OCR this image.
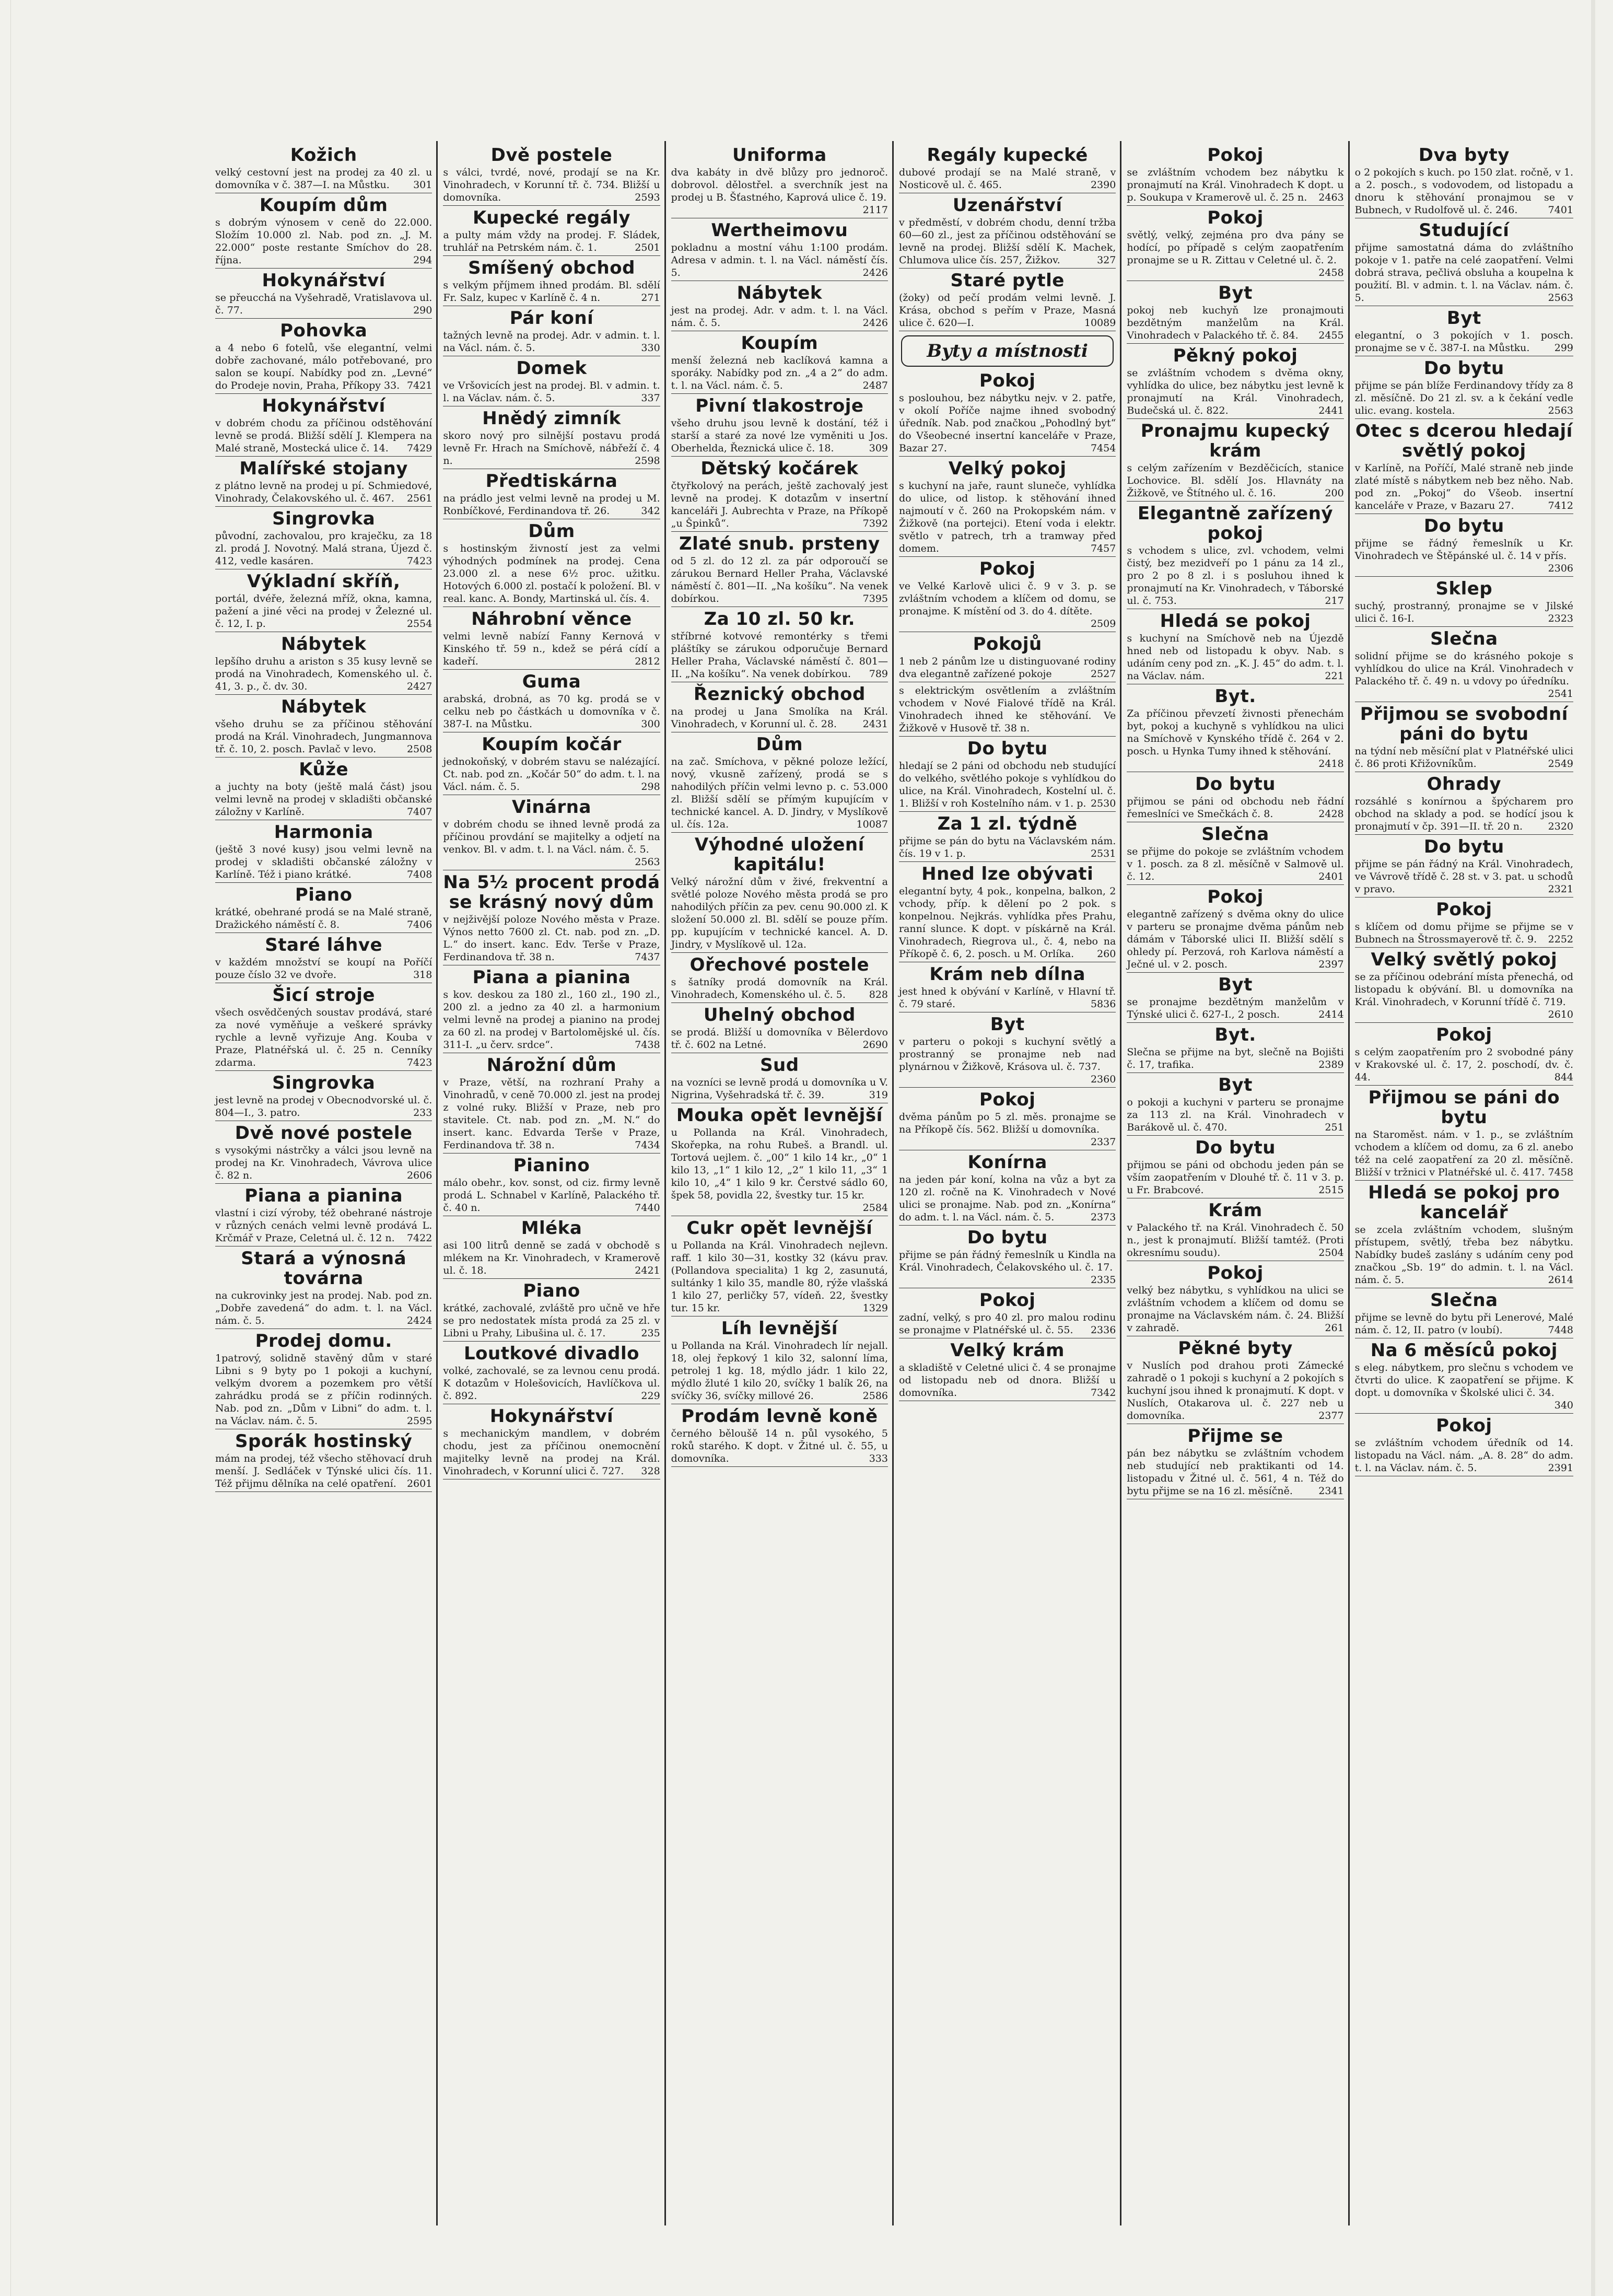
Kožich
velký cestovní jest na prodej za 40 zl. u domovníka v č. 387—I. na Můstku.	301
Koupím dům
s dobrým výnosem v ceně do 22.000. Složím 10.000 zl. Nab. pod zn. „J. M. 22.000“ poste restante Smíchov do 28. října.	294
Hokynářství
se přeucchá na Vyšehradě, Vratislavova ul. č. 77.	290
Pohovka
a 4 nebo 6 fotelů, vše elegantní, velmi dobře zachované, málo potřebované, pro salon se koupí. Nabídky pod zn. „Levné“ do Prodeje novin, Praha, Příkopy 33. 7421
Hokynářství
v dobrém chodu za příčinou odstěhování levně se prodá. Bližší sdělí J. Klempera na Malé straně, Mostecká ulice č. 14.	7429
Malířské stojany
z plátno levně na prodej u pí. Schmiedové, Vinohrady, Čelakovského ul. č. 467.	2561
Singrovka
původní, zachovalou, pro kraječku, za 18 zl. prodá J. Novotný. Malá strana, Újezd č. 412, vedle kasáren.	7423
Výkladní skříň,
portál, dvéře, železná mříž, okna, kamna, pažení a jiné věci na prodej v Železné ul. č. 12, I. p.	2554
Nábytek
lepšího druhu a ariston s 35 kusy levně se prodá na Vinohradech, Komenského ul. č. 41, 3. p., č. dv. 30.	2427
Nábytek
všeho druhu se za příčinou stěhování prodá na Král. Vinohradech, Jungmannova tř. č. 10, 2. posch. Pavlač v levo.	2508
Kůže
a juchty na boty (ještě malá část) jsou velmi levně na prodej v skladišti občanské záložny v Karlíně.	7407
Harmonia
(ještě 3 nové kusy) jsou velmi levně na prodej v skladišti občanské záložny v Karlíně. Též i piano krátké.	7408
Piano
krátké, obehrané prodá se na Malé straně, Dražického náměstí č. 8.	7406
Staré láhve
v každém množství se koupí na Poříčí pouze číslo 32 ve dvoře.	318
Šicí stroje
všech osvědčených soustav prodává, staré za nové vyměňuje a veškeré správky rychle a levně vyřizuje Ang. Kouba v Praze, Platnéřská ul. č. 25 n. Cenníky zdarma.	7423
Singrovka
jest levně na prodej v Obecnodvorské ul. č. 804—I., 3. patro.	233
Dvě nové postele
s vysokými nástrčky a válci jsou levně na prodej na Kr. Vinohradech, Vávrova ulice č. 82 n.	2606
Piana a pianina
vlastní i cizí výroby, též obehrané nástroje v různých cenách velmi levně prodává L. Krčmář v Praze, Celetná ul. č. 12 n.	7422
Stará a výnosná továrna
na cukrovinky jest na prodej. Nab. pod zn. „Dobře zavedená“ do adm. t. l. na Václ. nám. č. 5.	2424
Prodej domu.
1patrový, solidně stavěný dům v staré Libni s 9 byty po 1 pokoji a kuchyní, velkým dvorem a pozemkem pro větší zahrádku prodá se z příčin rodinných. Nab. pod zn. „Dům v Libni“ do adm. t. l. na Václav. nám. č. 5.	2595
Sporák hostinský
mám na prodej, též všecho stěhovací druh menší. J. Sedláček v Týnské ulici čís. 11. Též přijmu dělníka na celé opatření.	2601
Dvě postele
s válci, tvrdé, nové, prodají se na Kr. Vinohradech, v Korunní tř. č. 734. Bližší u domovníka.	2593
Kupecké regály
a pulty mám vždy na prodej. F. Sládek, truhlář na Petrském nám. č. 1.	2501
Smíšený obchod
s velkým příjmem ihned prodám. Bl. sdělí Fr. Salz, kupec v Karlíně č. 4 n.	271
Pár koní
tažných levně na prodej. Adr. v admin. t. l. na Václ. nám. č. 5.	330
Domek
ve Vršovicích jest na prodej. Bl. v admin. t. l. na Václav. nám. č. 5.	337
Hnědý zimník
skoro nový pro silnější postavu prodá levně Fr. Hrach na Smíchově, nábřeží č. 4 n.	2598
Předtiskárna
na prádlo jest velmi levně na prodej u M. Ronbíčkové, Ferdinandova tř. 26.	342
Dům
s hostinským živností jest za velmi výhodných podmínek na prodej. Cena 23.000 zl. a nese 6½ proc. užitku. Hotových 6.000 zl. postačí k položení. Bl. v real. kanc. A. Bondy, Martinská ul. čís. 4.
Náhrobní věnce
velmi levně nabízí Fanny Kernová v Kinského tř. 59 n., kdež se pérá cídí a kadeří.	2812
Guma
arabská, drobná, as 70 kg. prodá se v celku neb po částkách u domovníka v č. 387-I. na Můstku.	300
Koupím kočár
jednokoňský, v dobrém stavu se nalézající. Ct. nab. pod zn. „Kočár 50“ do adm. t. l. na Václ. nám. č. 5.	298
Vinárna
v dobrém chodu se ihned levně prodá za příčinou provdání se majitelky a odjetí na venkov. Bl. v adm. t. l. na Václ. nám. č. 5.
2563
Na 5½ procent prodá se krásný nový dům
v nejživější poloze Nového města v Praze. Výnos netto 7600 zl. Ct. nab. pod zn. „D. L.“ do insert. kanc. Edv. Terše v Praze, Ferdinandova tř. 38 n.	7437
Piana a pianina
s kov. deskou za 180 zl., 160 zl., 190 zl., 200 zl. a jedno za 40 zl. a harmonium velmi levně na prodej a pianino na prodej za 60 zl. na prodej v Bartolomějské ul. čís. 311-I. „u červ. srdce“.	7438
Nárožní dům
v Praze, větší, na rozhraní Prahy a Vinohradů, v ceně 70.000 zl. jest na prodej z volné ruky. Bližší v Praze, neb pro stavitele. Ct. nab. pod zn. „M. N.“ do insert. kanc. Edvarda Terše v Praze, Ferdinandova tř. 38 n.	7434
Pianino
málo obehr., kov. sonst, od ciz. firmy levně prodá L. Schnabel v Karlíně, Palackého tř. č. 40 n.	7440
Mléka
asi 100 litrů denně se zadá v obchodě s mlékem na Kr. Vinohradech, v Kramerově ul. č. 18.	2421
Piano
krátké, zachovalé, zvláště pro učně ve hře se pro nedostatek místa prodá za 25 zl. v Libni u Prahy, Libušina ul. č. 17.	235
Loutkové divadlo
volké, zachovalé, se za levnou cenu prodá. K dotazům v Holešovicích, Havlíčkova ul. č. 892.	229
Hokynářství
s mechanickým mandlem, v dobrém chodu, jest za příčinou onemocnění majitelky levně na prodej na Král. Vinohradech, v Korunní ulici č. 727.	328
Uniforma
dva kabáty in dvě blůzy pro jednoroč. dobrovol. dělostřel. a sverchník jest na prodej u B. Šťastného, Kaprová ulice č. 19.
2117
Wertheimovu
pokladnu a mostní váhu 1:100 prodám. Adresa v admin. t. l. na Václ. náměstí čís. 5.	2426
Nábytek
jest na prodej. Adr. v adm. t. l. na Václ. nám. č. 5.	2426
Koupím
menší železná neb kaclíková kamna a sporáky. Nabídky pod zn. „4 a 2“ do adm. t. l. na Václ. nám. č. 5.	2487
Pivní tlakostroje
všeho druhu jsou levně k dostání, též i starší a staré za nové lze vyměniti u Jos. Oberhelda, Řeznická ulice č. 18.	309
Dětský kočárek
čtyřkolový na perách, ještě zachovalý jest levně na prodej. K dotazům v insertní kanceláři J. Aubrechta v Praze, na Příkopě „u Špinků“.	7392
Zlaté snub. prsteny
od 5 zl. do 12 zl. za pár odporoučí se zárukou Bernard Heller Praha, Václavské náměstí č. 801—II. „Na košíku“. Na venek dobírkou.	7395
Za 10 zl. 50 kr.
stříbrné kotvové remontérky s třemi pláštíky se zárukou odporučuje Bernard Heller Praha, Václavské náměstí č. 801—II. „Na košíku“. Na venek dobírkou.	789
Řeznický obchod
na prodej u Jana Smolíka na Král. Vinohradech, v Korunní ul. č. 28.	2431
Dům
na zač. Smíchova, v pěkné poloze ležící, nový, vkusně zařízený, prodá se s nahodilých příčin velmi levno p. c. 53.000 zl. Bližší sdělí se přímým kupujícím v technické kancel. A. D. Jindry, v Myslíkově ul. čís. 12a.	10087
Výhodné uložení kapitálu!
Velký nárožní dům v živé, frekventní a světlé poloze Nového města prodá se pro nahodilých příčin za pev. cenu 90.000 zl. K složení 50.000 zl. Bl. sdělí se pouze přím. pp. kupujícím v technické kancel. A. D. Jindry, v Myslíkově ul. 12a.
Ořechové postele
s šatníky prodá domovník na Král. Vinohradech, Komenského ul. č. 5.	828
Uhelný obchod
se prodá. Bližší u domovníka v Bělerdovo tř. č. 602 na Letné.	2690
Sud
na vozníci se levně prodá u domovníka u V. Nigrina, Vyšehradská tř. č. 39.	319
Mouka opět levnější
u Pollanda na Král. Vinohradech, Skořepka, na rohu Rubeš. a Brandl. ul. Tortová uejlem. č. „00“ 1 kilo 14 kr., „0“ 1 kilo 13, „1“ 1 kilo 12, „2“ 1 kilo 11, „3“ 1 kilo 10, „4“ 1 kilo 9 kr. Čerstvé sádlo 60, špek 58, povidla 22, švestky tur. 15 kr.
2584
Cukr opět levnější
u Pollanda na Král. Vinohradech nejlevn. raff. 1 kilo 30—31, kostky 32 (kávu prav. (Pollandova specialita) 1 kg 2, zasunutá, sultánky 1 kilo 35, mandle 80, rýže vlašská 1 kilo 27, perličky 57, vídeň. 22, švestky tur. 15 kr.	1329
Líh levnější
u Pollanda na Král. Vinohradech lír nejall. 18, olej řepkový 1 kilo 32, salonní líma, petrolej 1 kg. 18, mýdlo jádr. 1 kilo 22, mýdlo žluté 1 kilo 20, svíčky 1 balík 26, na svíčky 36, svíčky millové 26.	2586
Prodám levně koně
černého běloušě 14 n. půl vysokého, 5 roků starého. K dopt. v Žitné ul. č. 55, u domovníka.	333
Regály kupecké
dubové prodají se na Malé straně, v Nosticově ul. č. 465.	2390
Uzenářství
v předměstí, v dobrém chodu, denní tržba 60—60 zl., jest za příčinou odstěhování se levně na prodej. Bližší sdělí K. Machek, Chlumova ulice čís. 257, Žižkov.	327
Staré pytle
(žoky) od pečí prodám velmi levně. J. Krása, obchod s peřím v Praze, Masná ulice č. 620—I.	10089
Byty a místnosti
Pokoj
s poslouhou, bez nábytku nejv. v 2. patře, v okolí Poříče najme ihned svobodný úředník. Nab. pod značkou „Pohodlný byt“ do Všeobecné insertní kanceláře v Praze, Bazar 27.	7454
Velký pokoj
s kuchyní na jaře, raunt sluneče, vyhlídka do ulice, od listop. k stěhování ihned najmoutí v č. 260 na Prokopském nám. v Žižkově (na portejci). Etení voda i elektr. světlo v patrech, trh a tramway před domem.	7457
Pokoj
ve Velké Karlově ulici č. 9 v 3. p. se zvláštním vchodem a klíčem od domu, se pronajme. K místění od 3. do 4. dítěte.
2509
Pokojů
1 neb 2 pánům lze u distinguované rodiny dva elegantně zařízené pokoje	2527
s elektrickým osvětlením a zvláštním vchodem v Nové Fialové třídě na Král. Vinohradech ihned ke stěhování. Ve Žižkově v Husově tř. 38 n.
Do bytu
hledají se 2 páni od obchodu neb studující do velkého, světlého pokoje s vyhlídkou do ulice, na Král. Vinohradech, Kostelní ul. č. 1. Bližší v roh Kostelního nám. v 1. p. 2530
Za 1 zl. týdně
přijme se pán do bytu na Václavském nám. čís. 19 v 1. p.	2531
Hned lze obývati
elegantní byty, 4 pok., konpelna, balkon, 2 vchody, příp. k dělení po 2 pok. s konpelnou. Nejkrás. vyhlídka přes Prahu, ranní slunce. K dopt. v pískárně na Král. Vinohradech, Riegrova ul., č. 4, nebo na Příkopě č. 6, 2. posch. u M. Orlíka.	260
Krám neb dílna
jest hned k obývání v Karlíně, v Hlavní tř. č. 79 staré.	5836
Byt
v parteru o pokoji s kuchyní světlý a prostranný se pronajme neb nad plynárnou v Žižkově, Krásova ul. č. 737.
2360
Pokoj
dvěma pánům po 5 zl. měs. pronajme se na Příkopě čís. 562. Bližší u domovníka.
2337
Konírna
na jeden pár koní, kolna na vůz a byt za 120 zl. ročně na K. Vinohradech v Nové ulici se pronajme. Nab. pod zn. „Konírna“ do adm. t. l. na Václ. nám. č. 5.	2373
Do bytu
přijme se pán řádný řemeslník u Kindla na Král. Vinohradech, Čelakovského ul. č. 17.
2335
Pokoj
zadní, velký, s pro 40 zl. pro malou rodinu se pronajme v Platnéřské ul. č. 55.	2336
Velký krám
a skladiště v Celetné ulici č. 4 se pronajme od listopadu neb od dnora. Bližší u domovníka.	7342
Pokoj
se zvláštním vchodem bez nábytku k pronajmutí na Král. Vinohradech K dopt. u p. Soukupa v Kramerově ul. č. 25 n.	2463
Pokoj
světlý, velký, zejména pro dva pány se hodící, po případě s celým zaopatřením pronajme se u R. Zittau v Celetné ul. č. 2.
2458
Byt
pokoj neb kuchyň lze pronajmouti bezdětným manželům na Král. Vinohradech v Palackého tř. č. 84.	2455
Pěkný pokoj
se zvláštním vchodem s dvěma okny, vyhlídka do ulice, bez nábytku jest levně k pronajmutí na Král. Vinohradech, Budečská ul. č. 822.	2441
Pronajmu kupecký krám
s celým zařízením v Bezděčicích, stanice Lochovice. Bl. sdělí Jos. Hlavnáty na Žižkově, ve Štítného ul. č. 16.	200
Elegantně zařízený pokoj
s vchodem s ulice, zvl. vchodem, velmi čistý, bez mezidveří po 1 pánu za 14 zl., pro 2 po 8 zl. i s posluhou ihned k pronajmutí na Kr. Vinohradech, v Táborské ul. č. 753.	217
Hledá se pokoj
s kuchyní na Smíchově neb na Újezdě hned neb od listopadu k obyv. Nab. s udáním ceny pod zn. „K. J. 45“ do adm. t. l. na Václav. nám.	221
Byt.
Za příčinou převzetí živnosti přenechám byt, pokoj a kuchyně s vyhlídkou na ulici na Smíchově v Kynského třídě č. 264 v 2. posch. u Hynka Tumy ihned k stěhování.
2418
Do bytu
přijmou se páni od obchodu neb řádní řemeslníci ve Smečkách č. 8.	2428
Slečna
se přijme do pokoje se zvláštním vchodem v 1. posch. za 8 zl. měsíčně v Salmově ul. č. 12.	2401
Pokoj
elegantně zařízený s dvěma okny do ulice v parteru se pronajme dvěma pánům neb dámám v Táborské ulici II. Bližší sdělí s ohledy pí. Perzová, roh Karlova náměstí a Ječné ul. v 2. posch.	2397
Byt
se pronajme bezdětným manželům v Týnské ulici č. 627-I., 2 posch.	2414
Byt.
Slečna se přijme na byt, slečně na Bojišti č. 17, trafika.	2389
Byt
o pokoji a kuchyni v parteru se pronajme za 113 zl. na Král. Vinohradech v Barákově ul. č. 470.	251
Do bytu
přijmou se páni od obchodu jeden pán se vším zaopatřením v Dlouhé tř. č. 11 v 3. p. u Fr. Brabcové.	2515
Krám
v Palackého tř. na Král. Vinohradech č. 50 n., jest k pronajmutí. Bližší tamtéž. (Proti okresnímu soudu).	2504
Pokoj
velký bez nábytku, s vyhlídkou na ulici se zvláštním vchodem a klíčem od domu se pronajme na Václavském nám. č. 24. Bližší v zahradě.	261
Pěkné byty
v Nuslích pod drahou proti Zámecké zahradě o 1 pokoji s kuchyní a 2 pokojích s kuchyní jsou ihned k pronajmutí. K dopt. v Nuslích, Otakarova ul. č. 227 neb u domovníka.	2377
Přijme se
pán bez nábytku se zvláštním vchodem neb studující neb praktikanti od 14. listopadu v Žitné ul. č. 561, 4 n. Též do bytu přijme se na 16 zl. měsíčně.	2341
Dva byty
o 2 pokojích s kuch. po 150 zlat. ročně, v 1. a 2. posch., s vodovodem, od listopadu a dnoru k stěhování pronajmou se v Bubnech, v Rudolfově ul. č. 246.	7401
Studující
přijme samostatná dáma do zvláštního pokoje v 1. patře na celé zaopatření. Velmi dobrá strava, pečlivá obsluha a koupelna k použití. Bl. v admin. t. l. na Václav. nám. č. 5.	2563
Byt
elegantní, o 3 pokojích v 1. posch. pronajme se v č. 387-I. na Můstku.	299
Do bytu
přijme se pán blíže Ferdinandovy třídy za 8 zl. měsíčně. Do 21 zl. sv. a k čekání vedle ulic. evang. kostela.	2563
Otec s dcerou hledají světlý pokoj
v Karlíně, na Poříčí, Malé straně neb jinde zlaté místě s nábytkem neb bez něho. Nab. pod zn. „Pokoj“ do Všeob. insertní kanceláře v Praze, v Bazaru 27.	7412
Do bytu
přijme se řádný řemeslník u Kr. Vinohradech ve Štěpánské ul. č. 14 v přís.
2306
Sklep
suchý, prostranný, pronajme se v Jilské ulici č. 16-I.	2323
Slečna
solidní přijme se do krásného pokoje s vyhlídkou do ulice na Král. Vinohradech v Palackého tř. č. 49 n. u vdovy po úředníku.
2541
Přijmou se svobodní páni do bytu
na týdní neb měsíční plat v Platnéřské ulici č. 86 proti Křižovníkům.	2549
Ohrady
rozsáhlé s konírnou a špýcharem pro obchod na sklady a pod. se hodící jsou k pronajmutí v čp. 391—II. tř. 20 n.	2320
Do bytu
přijme se pán řádný na Král. Vinohradech, ve Vávrově třídě č. 28 st. v 3. pat. u schodů v pravo.	2321
Pokoj
s klíčem od domu přijme se přijme se v Bubnech na Štrossmayerově tř. č. 9.	2252
Velký světlý pokoj
se za příčinou odebrání místa přenechá, od listopadu k obývání. Bl. u domovníka na Král. Vinohradech, v Korunní třídě č. 719.
2610
Pokoj
s celým zaopatřením pro 2 svobodné pány v Krakovské ul. č. 17, 2. poschodí, dv. č. 44.	844
Přijmou se páni do bytu
na Staroměst. nám. v 1. p., se zvláštním vchodem a klíčem od domu, za 6 zl. anebo též na celé zaopatření za 20 zl. měsíčně. Bližší v tržnici v Platnéřské ul. č. 417. 7458
Hledá se pokoj pro kancelář
se zcela zvláštním vchodem, slušným přístupem, světlý, třeba bez nábytku. Nabídky budeš zaslány s udáním ceny pod značkou „Sb. 19“ do admin. t. l. na Václ. nám. č. 5.	2614
Slečna
přijme se levně do bytu při Lenerové, Malé nám. č. 12, II. patro (v loubí).	7448
Na 6 měsíců pokoj
s eleg. nábytkem, pro slečnu s vchodem ve čtvrti do ulice. K zaopatření se přijme. K dopt. u domovníka v Školské ulici č. 34.
340
Pokoj
se zvláštním vchodem úředník od 14. listopadu na Václ. nám. „A. 8. 28“ do adm. t. l. na Václav. nám. č. 5.	2391
